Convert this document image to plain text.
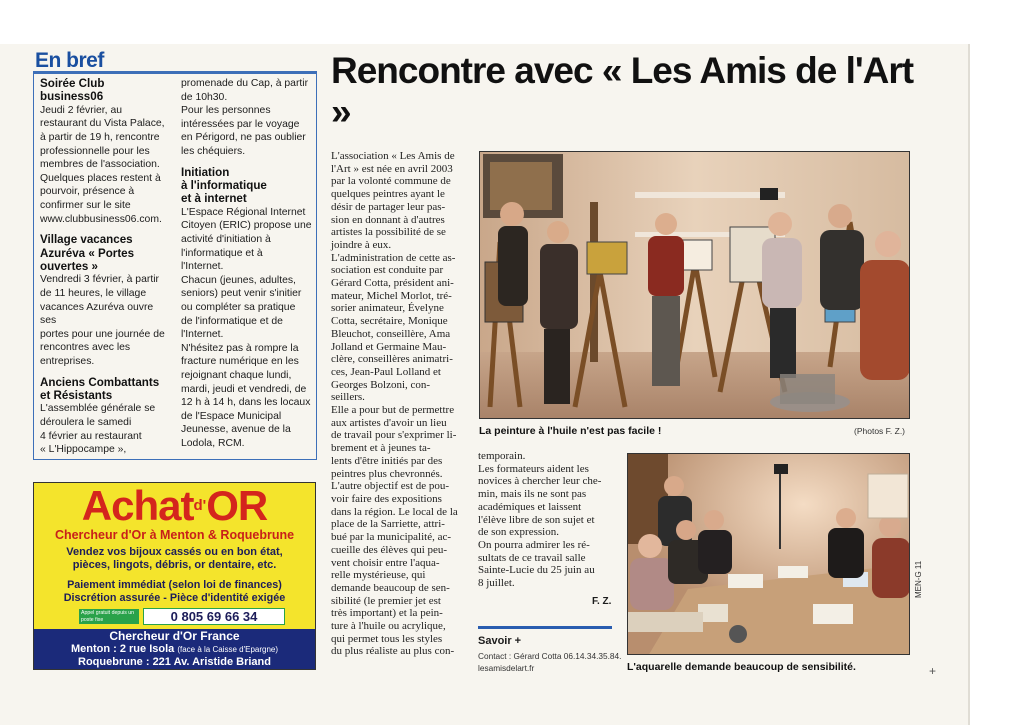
En bref

Soirée Club
business06
Jeudi 2 février, au
restaurant du Vista Palace,
à partir de 19 h, rencontre
professionnelle pour les
membres de l'association.
Quelques places restent à
pourvoir, présence à
confirmer sur le site
www.clubbusiness06.com.

Village vacances
Azuréva « Portes
ouvertes »
Vendredi 3 février, à partir
de 11 heures, le village
vacances Azuréva ouvre ses
portes pour une journée de
rencontres avec les
entreprises.

Anciens Combattants
et Résistants
L'assemblée générale se
déroulera le samedi
4 février au restaurant
« L'Hippocampe »,

promenade du Cap, à partir
de 10h30.
Pour les personnes
intéressées par le voyage
en Périgord, ne pas oublier
les chéquiers.

Initiation
à l'informatique
et à internet
L'Espace Régional Internet
Citoyen (ERIC) propose une
activité d'initiation à
l'informatique et à
l'Internet.
Chacun (jeunes, adultes,
seniors) peut venir s'initier
ou compléter sa pratique
de l'informatique et de
l'Internet.
N'hésitez pas à rompre la
fracture numérique en les
rejoignant chaque lundi,
mardi, jeudi et vendredi, de
12 h à 14 h, dans les locaux
de l'Espace Municipal
Jeunesse, avenue de la
Lodola, RCM.

Achat$^{d'}$OR
Chercheur d'Or à Menton & Roquebrune
Vendez vos bijoux cassés ou en bon état,
pièces, lingots, débris, or dentaire, etc.
Paiement immédiat (selon loi de finances)
Discrétion assurée - Pièce d'identité exigée
Appel gratuit depuis un poste fixe	0 805 69 66 34
Chercheur d'Or France
Menton : 2 rue Isola (face à la Caisse d'Epargne)
Roquebrune : 221 Av. Aristide Briand
Rencontre avec « Les Amis de l'Art »
L'association « Les Amis de
l'Art » est née en avril 2003
par la volonté commune de
quelques peintres ayant le
désir de partager leur pas-
sion en donnant à d'autres
artistes la possibilité de se
joindre à eux.
L'administration de cette as-
sociation est conduite par
Gérard Cotta, président ani-
mateur, Michel Morlot, tré-
sorier animateur, Évelyne
Cotta, secrétaire, Monique
Bleuchot, conseillère, Ama
Jolland et Germaine Mau-
clère, conseillères animatri-
ces, Jean-Paul Lolland et
Georges Bolzoni, con-
seillers.
Elle a pour but de permettre
aux artistes d'avoir un lieu
de travail pour s'exprimer li-
brement et à jeunes ta-
lents d'être initiés par des
peintres plus chevronnés.
L'autre objectif est de pou-
voir faire des expositions
dans la région. Le local de la
place de la Sarriette, attri-
bué par la municipalité, ac-
cueille des élèves qui peu-
vent choisir entre l'aqua-
relle mystérieuse, qui
demande beaucoup de sen-
sibilité (le premier jet est
très important) et la pein-
ture à l'huile ou acrylique,
qui permet tous les styles
du plus réaliste au plus con-
temporain.
Les formateurs aident les
novices à chercher leur che-
min, mais ils ne sont pas
académiques et laissent
l'élève libre de son sujet et
de son expression.
On pourra admirer les ré-
sultats de ce travail salle
Sainte-Lucie du 25 juin au
8 juillet.
F. Z.
Savoir +
Contact : Gérard Cotta 06.14.34.35.84.
lesamisdelart.fr
La peinture à l'huile n'est pas facile !	(Photos F. Z.)
L'aquarelle demande beaucoup de sensibilité.
MEN-G 11
+
